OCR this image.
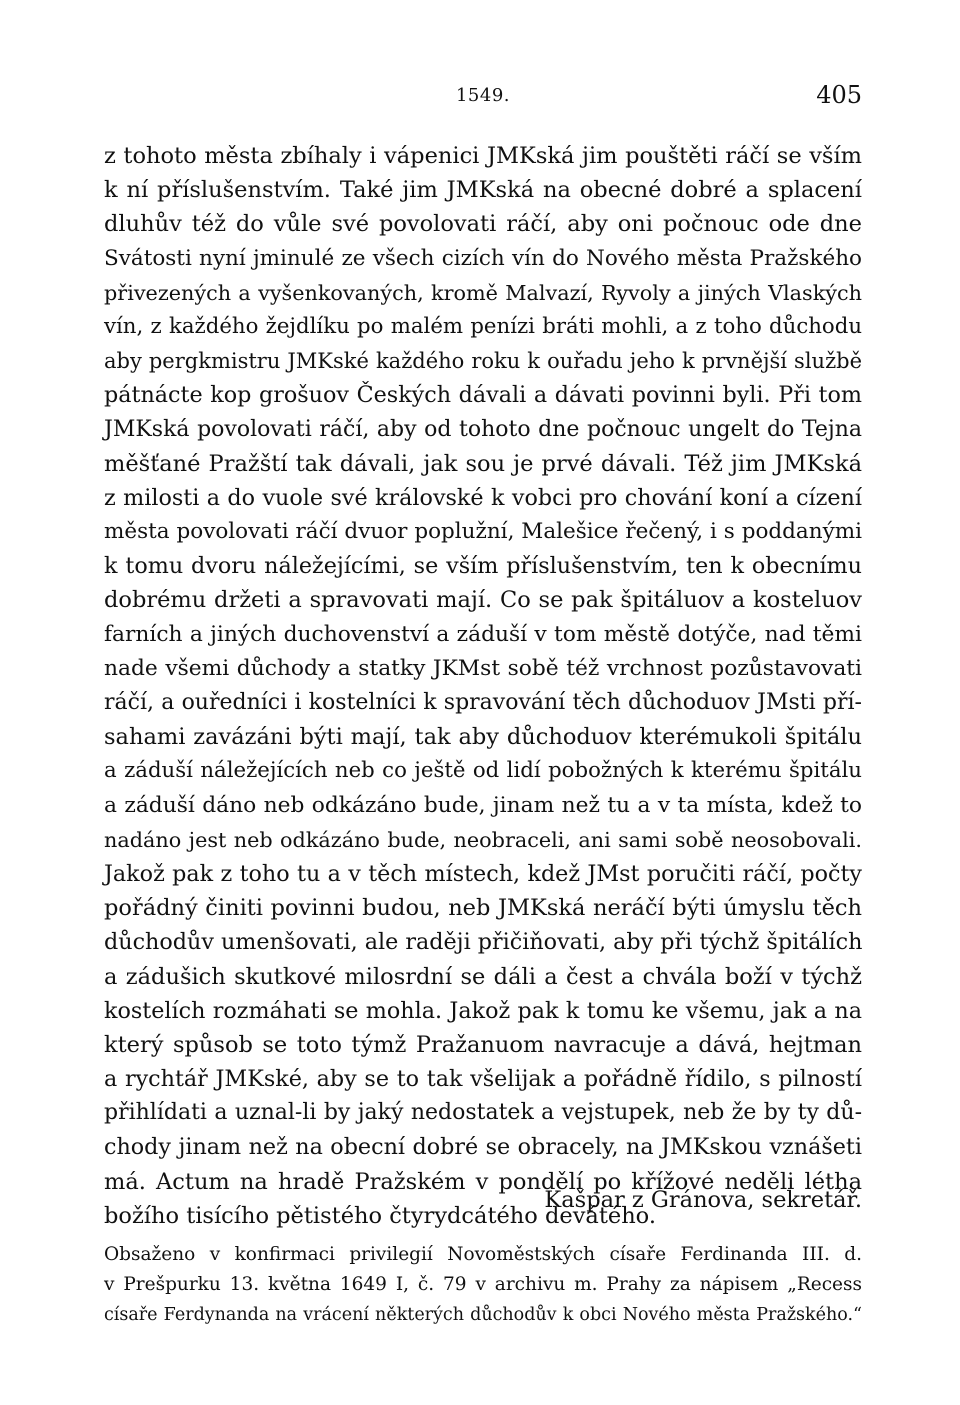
1549.	405
z tohoto města zbíhaly i vápenici JMKská jim pouštěti ráčí se vším
k ní příslušenstvím. Také jim JMKská na obecné dobré a splacení
dluhův též do vůle své povolovati ráčí, aby oni počnouc ode dne
Svátosti nyní jminulé ze všech cizích vín do Nového města Pražského
přivezených a vyšenkovaných, kromě Malvazí, Ryvoly a jiných Vlaských
vín, z každého žejdlíku po malém penízi bráti mohli, a z toho důchodu
aby pergkmistru JMKské každého roku k ouřadu jeho k prvnější službě
pátnácte kop grošuov Českých dávali a dávati povinni byli. Při tom
JMKská povolovati ráčí, aby od tohoto dne počnouc ungelt do Tejna
měšťané Pražští tak dávali, jak sou je prvé dávali. Též jim JMKská
z milosti a do vuole své královské k vobci pro chování koní a cízení
města povolovati ráčí dvuor poplužní, Malešice řečený, i s poddanými
k tomu dvoru náležejícími, se vším příslušenstvím, ten k obecnímu
dobrému držeti a spravovati mají. Co se pak špitáluov a kosteluov
farních a jiných duchovenství a záduší v tom městě dotýče, nad těmi
nade všemi důchody a statky JKMst sobě též vrchnost pozůstavovati
ráčí, a ouředníci i kostelníci k spravování těch důchoduov JMsti pří-
sahami zavázáni býti mají, tak aby důchoduov kterémukoli špitálu
a záduší náležejících neb co ještě od lidí pobožných k kterému špitálu
a záduší dáno neb odkázáno bude, jinam než tu a v ta místa, kdež to
nadáno jest neb odkázáno bude, neobraceli, ani sami sobě neosobovali.
Jakož pak z toho tu a v těch místech, kdež JMst poručiti ráčí, počty
pořádný činiti povinni budou, neb JMKská neráčí býti úmyslu těch
důchodův umenšovati, ale raději přičiňovati, aby při týchž špitálích
a zádušich skutkové milosrdní se dáli a čest a chvála boží v týchž
kostelích rozmáhati se mohla. Jakož pak k tomu ke všemu, jak a na
který spůsob se toto týmž Pražanuom navracuje a dává, hejtman
a rychtář JMKské, aby se to tak všelijak a pořádně řídilo, s pilností
přihlídati a uznal-li by jaký nedostatek a vejstupek, neb že by ty dů-
chody jinam než na obecní dobré se obracely, na JMKskou vznášeti
má. Actum na hradě Pražském v pondělí po křížové neděli létha
božího tisícího pětistého čtyrydcátého devátého.
Kašpar z Gránova, sekretář.
Obsaženo v konfirmaci privilegií Novoměstských císaře Ferdinanda III. d.
v Prešpurku 13. května 1649 I, č. 79 v archivu m. Prahy za nápisem „Recess
císaře Ferdynanda na vrácení některých důchodův k obci Nového města Pražského.“
